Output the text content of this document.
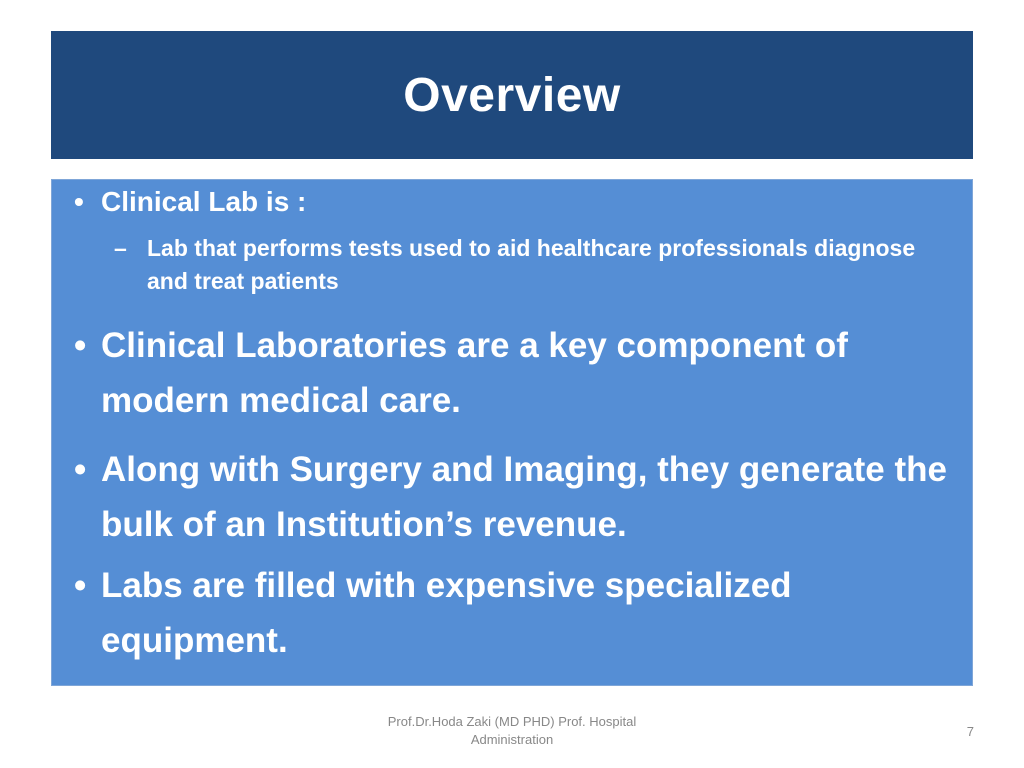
Overview
• Clinical Lab is :
– Lab that performs tests used to aid healthcare professionals diagnose and treat patients
• Clinical Laboratories are a key component of modern medical care.
• Along with Surgery and Imaging, they generate the bulk of an Institution’s revenue.
• Labs are filled with expensive specialized equipment.
Prof.Dr.Hoda Zaki (MD PHD) Prof. Hospital Administration
7
